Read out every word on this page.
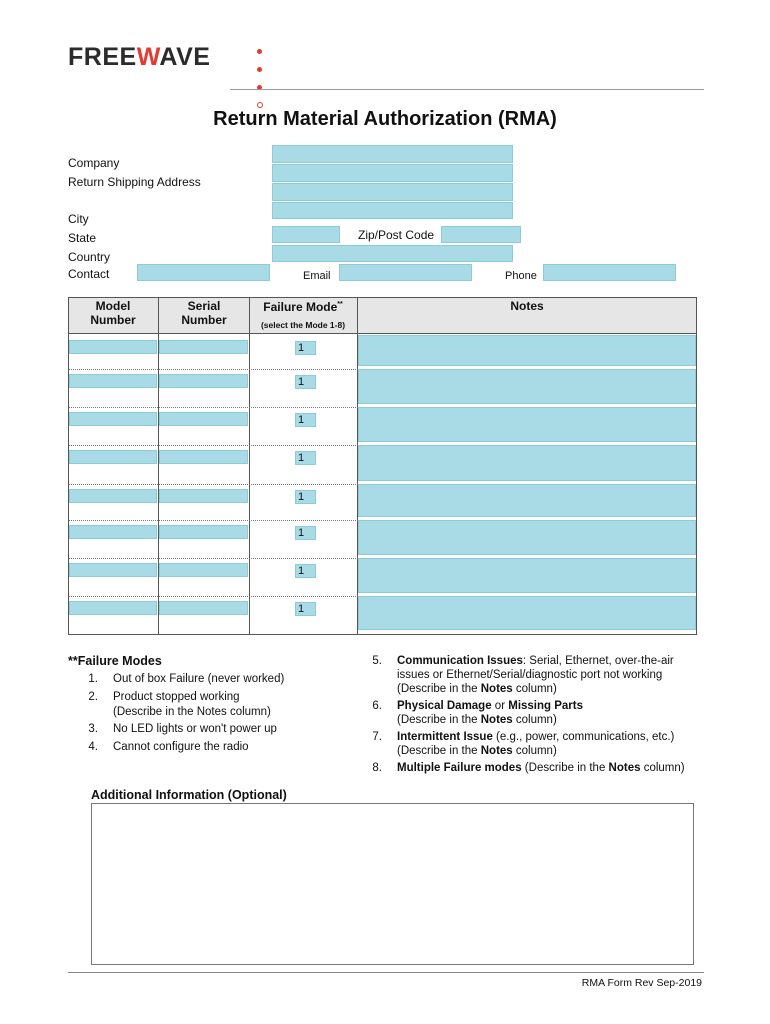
FREEWAVE
Return Material Authorization (RMA)
Company
Return Shipping Address
City
State
Country
Contact
Zip/Post Code
Email	Phone
Model
Number
Serial
Number
Failure Mode**
(select the Mode 1-8)
Notes
1
1
1
1
1
1
1
1
**Failure Modes
1. Out of box Failure (never worked)
2. Product stopped working
(Describe in the Notes column)
3. No LED lights or won't power up
4. Cannot configure the radio
5. Communication Issues: Serial, Ethernet, over-the-air
issues or Ethernet/Serial/diagnostic port not working
(Describe in the Notes column)
6. Physical Damage or Missing Parts
(Describe in the Notes column)
7. Intermittent Issue (e.g., power, communications, etc.)
(Describe in the Notes column)
8. Multiple Failure modes (Describe in the Notes column)
Additional Information (Optional)
RMA Form Rev Sep-2019
